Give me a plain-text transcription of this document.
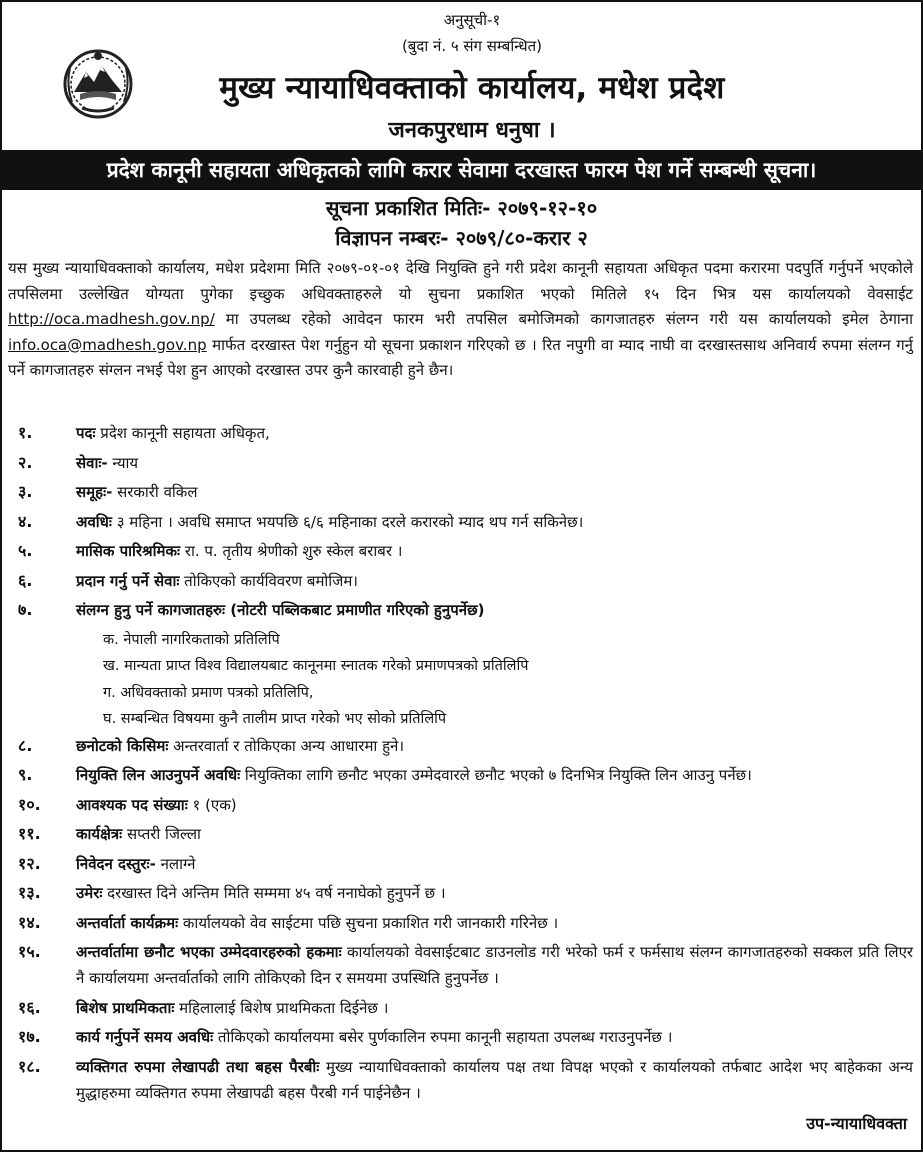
अनुसूची-१
(बुदा नं. ५ संग सम्बन्धित)
मुख्य न्यायाधिवक्ताको कार्यालय, मधेश प्रदेश
जनकपुरधाम धनुषा ।
प्रदेश कानूनी सहायता अधिकृतको लागि करार सेवामा दरखास्त फारम पेश गर्ने सम्बन्धी सूचना।
सूचना प्रकाशित मितिः- २०७९-१२-१०
विज्ञापन नम्बरः- २०७९/८०-करार २
यस मुख्य न्यायाधिवक्ताको कार्यालय, मधेश प्रदेशमा मिति २०७९-०१-०१ देखि नियुक्ति हुने गरी प्रदेश कानूनी सहायता अधिकृत पदमा करारमा पदपुर्ति गर्नुपर्ने भएकोले तपसिलमा उल्लेखित योग्यता पुगेका इच्छुक अधिवक्ताहरुले यो सुचना प्रकाशित भएको मितिले १५ दिन भित्र यस कार्यालयको वेवसाईट http://oca.madhesh.gov.np/ मा उपलब्ध रहेको आवेदन फारम भरी तपसिल बमोजिमको कागजातहरु संलग्न गरी यस कार्यालयको इमेल ठेगाना info.oca@madhesh.gov.np मार्फत दरखास्त पेश गर्नुहुन यो सूचना प्रकाशन गरिएको छ । रित नपुगी वा म्याद नाघी वा दरखास्तसाथ अनिवार्य रुपमा संलग्न गर्नु पर्ने कागजातहरु संग्लन नभई पेश हुन आएको दरखास्त उपर कुनै कारवाही हुने छैन।
१.	पदः प्रदेश कानूनी सहायता अधिकृत,
२.	सेवाः- न्याय
३.	समूहः- सरकारी वकिल
४.	अवधिः ३ महिना । अवधि समाप्त भयपछि ६/६ महिनाका दरले करारको म्याद थप गर्न सकिनेछ।
५.	मासिक पारिश्रमिकः रा. प. तृतीय श्रेणीको शुरु स्केल बराबर ।
६.	प्रदान गर्नु पर्ने सेवाः तोकिएको कार्यविवरण बमोजिम।
७.	संलग्न हुनु पर्ने कागजातहरुः (नोटरी पब्लिकबाट प्रमाणीत गरिएको हुनुपर्नेछ)
क. नेपाली नागरिकताको प्रतिलिपि
ख. मान्यता प्राप्त विश्व विद्यालयबाट कानूनमा स्नातक गरेको प्रमाणपत्रको प्रतिलिपि
ग. अधिवक्ताको प्रमाण पत्रको प्रतिलिपि,
घ. सम्बन्धित विषयमा कुनै तालीम प्राप्त गरेको भए सोको प्रतिलिपि
८.	छनोटको किसिमः अन्तरवार्ता र तोकिएका अन्य आधारमा हुने।
९.	नियुक्ति लिन आउनुपर्ने अवधिः नियुक्तिका लागि छनौट भएका उम्मेदवारले छनौट भएको ७ दिनभित्र नियुक्ति लिन आउनु पर्नेछ।
१०.	आवश्यक पद संख्याः १ (एक)
११.	कार्यक्षेत्रः सप्तरी जिल्ला
१२.	निवेदन दस्तुरः- नलाग्ने
१३.	उमेरः दरखास्त दिने अन्तिम मिति सम्ममा ४५ वर्ष ननाघेको हुनुपर्ने छ ।
१४.	अन्तर्वार्ता कार्यक्रमः कार्यालयको वेव साईटमा पछि सुचना प्रकाशित गरी जानकारी गरिनेछ ।
१५.	अन्तर्वार्तामा छनौट भएका उम्मेदवारहरुको हकमाः कार्यालयको वेवसाईटबाट डाउनलोड गरी भरेको फर्म र फर्मसाथ संलग्न कागजातहरुको सक्कल प्रति लिएर नै कार्यालयमा अन्तर्वार्ताको लागि तोकिएको दिन र समयमा उपस्थिति हुनुपर्नेछ ।
१६.	बिशेष प्राथमिकताः महिलालाई बिशेष प्राथमिकता दिईनेछ ।
१७.	कार्य गर्नुपर्ने समय अवधिः तोकिएको कार्यालयमा बसेर पुर्णकालिन रुपमा कानूनी सहायता उपलब्ध गराउनुपर्नेछ ।
१८.	व्यक्तिगत रुपमा लेखापढी तथा बहस पैरबीः मुख्य न्यायाधिवक्ताको कार्यालय पक्ष तथा विपक्ष भएको र कार्यालयको तर्फबाट आदेश भए बाहेकका अन्य मुद्धाहरुमा व्यक्तिगत रुपमा लेखापढी बहस पैरबी गर्न पाईनेछैन ।
उप-न्यायाधिवक्ता
